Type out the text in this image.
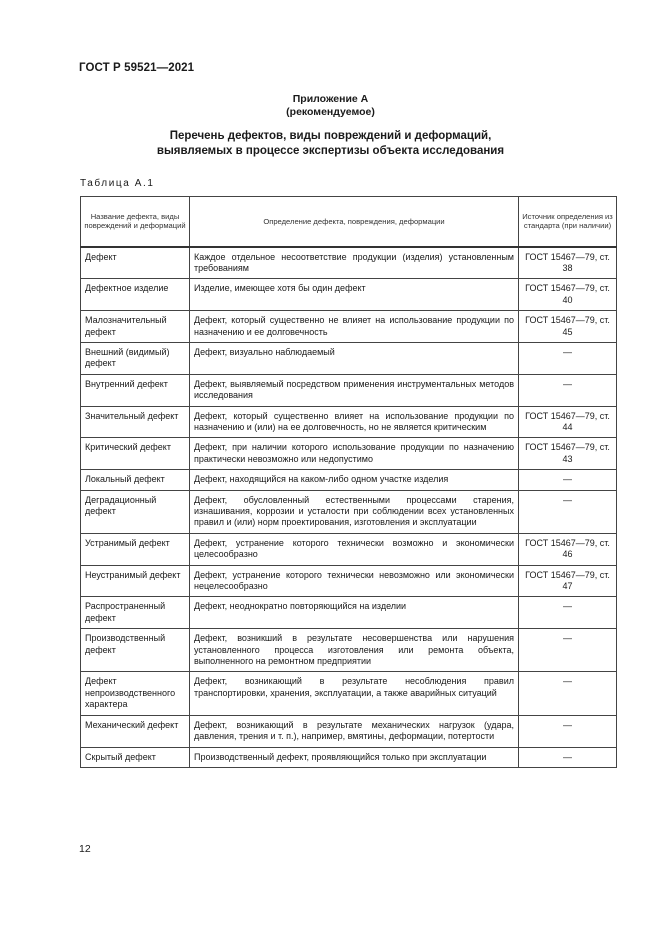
ГОСТ Р 59521—2021
Приложение А
(рекомендуемое)
Перечень дефектов, виды повреждений и деформаций,
выявляемых в процессе экспертизы объекта исследования
Таблица А.1
Название дефекта, виды повреждений и деформаций	Определение дефекта, повреждения, деформации	Источник определения из стандарта (при наличии)
Дефект	Каждое отдельное несоответствие продукции (изделия) установленным требованиям	ГОСТ 15467—79, ст. 38
Дефектное изделие	Изделие, имеющее хотя бы один дефект	ГОСТ 15467—79, ст. 40
Малозначительный дефект	Дефект, который существенно не влияет на использование продукции по назначению и ее долговечность	ГОСТ 15467—79, ст. 45
Внешний (видимый) дефект	Дефект, визуально наблюдаемый	—
Внутренний дефект	Дефект, выявляемый посредством применения инструментальных методов исследования	—
Значительный дефект	Дефект, который существенно влияет на использование продукции по назначению и (или) на ее долговечность, но не является критическим	ГОСТ 15467—79, ст. 44
Критический дефект	Дефект, при наличии которого использование продукции по назначению практически невозможно или недопустимо	ГОСТ 15467—79, ст. 43
Локальный дефект	Дефект, находящийся на каком-либо одном участке изделия	—
Деградационный дефект	Дефект, обусловленный естественными процессами старения, изнашивания, коррозии и усталости при соблюдении всех установленных правил и (или) норм проектирования, изготовления и эксплуатации	—
Устранимый дефект	Дефект, устранение которого технически возможно и экономически целесообразно	ГОСТ 15467—79, ст. 46
Неустранимый дефект	Дефект, устранение которого технически невозможно или экономически нецелесообразно	ГОСТ 15467—79, ст. 47
Распространенный дефект	Дефект, неоднократно повторяющийся на изделии	—
Производственный дефект	Дефект, возникший в результате несовершенства или нарушения установленного процесса изготовления или ремонта объекта, выполненного на ремонтном предприятии	—
Дефект непроизводственного характера	Дефект, возникающий в результате несоблюдения правил транспортировки, хранения, эксплуатации, а также аварийных ситуаций	—
Механический дефект	Дефект, возникающий в результате механических нагрузок (удара, давления, трения и т. п.), например, вмятины, деформации, потертости	—
Скрытый дефект	Производственный дефект, проявляющийся только при эксплуатации	—
12
